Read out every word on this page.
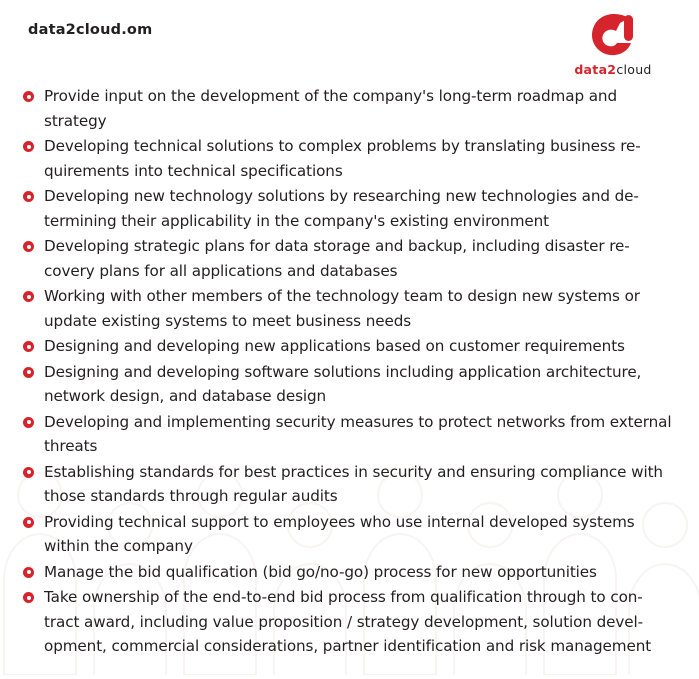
data2cloud.om
data2cloud
Provide input on the development of the company's long-term roadmap and strategy
Developing technical solutions to complex problems by translating business re-quirements into technical specifications
Developing new technology solutions by researching new technologies and de-termining their applicability in the company's existing environment
Developing strategic plans for data storage and backup, including disaster re-covery plans for all applications and databases
Working with other members of the technology team to design new systems or update existing systems to meet business needs
Designing and developing new applications based on customer requirements
Designing and developing software solutions including application architecture, network design, and database design
Developing and implementing security measures to protect networks from external threats
Establishing standards for best practices in security and ensuring compliance with those standards through regular audits
Providing technical support to employees who use internal developed systems within the company
Manage the bid qualification (bid go/no-go) process for new opportunities
Take ownership of the end-to-end bid process from qualification through to con-tract award, including value proposition / strategy development, solution devel-opment, commercial considerations, partner identification and risk management
